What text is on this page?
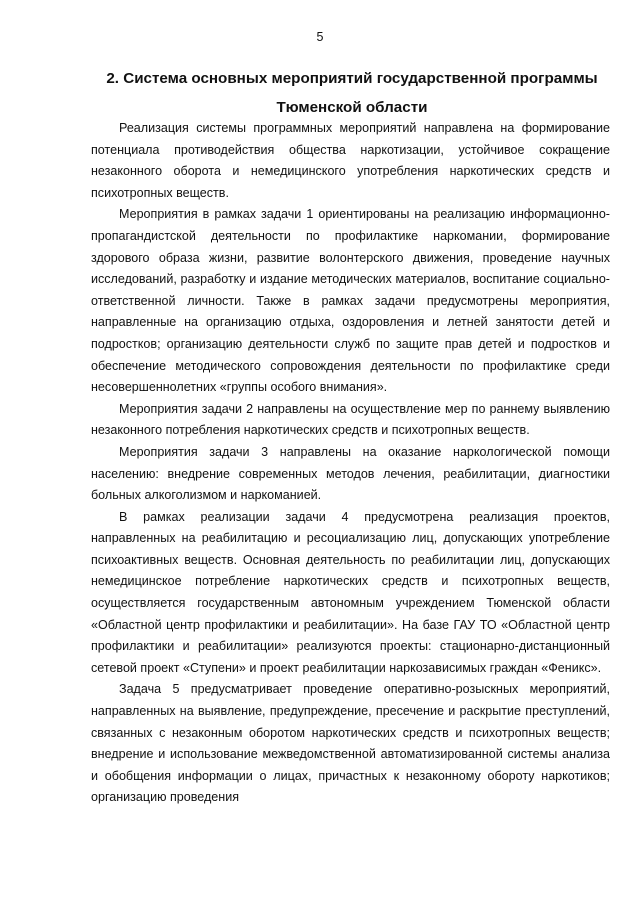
5
2. Система основных мероприятий государственной программы Тюменской области

Реализация системы программных мероприятий направлена на формирование потенциала противодействия общества наркотизации, устойчивое сокращение незаконного оборота и немедицинского употребления наркотических средств и психотропных веществ.

Мероприятия в рамках задачи 1 ориентированы на реализацию информационно-пропагандистской деятельности по профилактике наркомании, формирование здорового образа жизни, развитие волонтерского движения, проведение научных исследований, разработку и издание методических материалов, воспитание социально-ответственной личности. Также в рамках задачи предусмотрены мероприятия, направленные на организацию отдыха, оздоровления и летней занятости детей и подростков; организацию деятельности служб по защите прав детей и подростков и обеспечение методического сопровождения деятельности по профилактике среди несовершеннолетних «группы особого внимания».

Мероприятия задачи 2 направлены на осуществление мер по раннему выявлению незаконного потребления наркотических средств и психотропных веществ.

Мероприятия задачи 3 направлены на оказание наркологической помощи населению: внедрение современных методов лечения, реабилитации, диагностики больных алкоголизмом и наркоманией.

В рамках реализации задачи 4 предусмотрена реализация проектов, направленных на реабилитацию и ресоциализацию лиц, допускающих употребление психоактивных веществ. Основная деятельность по реабилитации лиц, допускающих немедицинское потребление наркотических средств и психотропных веществ, осуществляется государственным автономным учреждением Тюменской области «Областной центр профилактики и реабилитации». На базе ГАУ ТО «Областной центр профилактики и реабилитации» реализуются проекты: стационарно-дистанционный сетевой проект «Ступени» и проект реабилитации наркозависимых граждан «Феникс».

Задача 5 предусматривает проведение оперативно-розыскных мероприятий, направленных на выявление, предупреждение, пресечение и раскрытие преступлений, связанных с незаконным оборотом наркотических средств и психотропных веществ; внедрение и использование межведомственной автоматизированной системы анализа и обобщения информации о лицах, причастных к незаконному обороту наркотиков; организацию проведения
